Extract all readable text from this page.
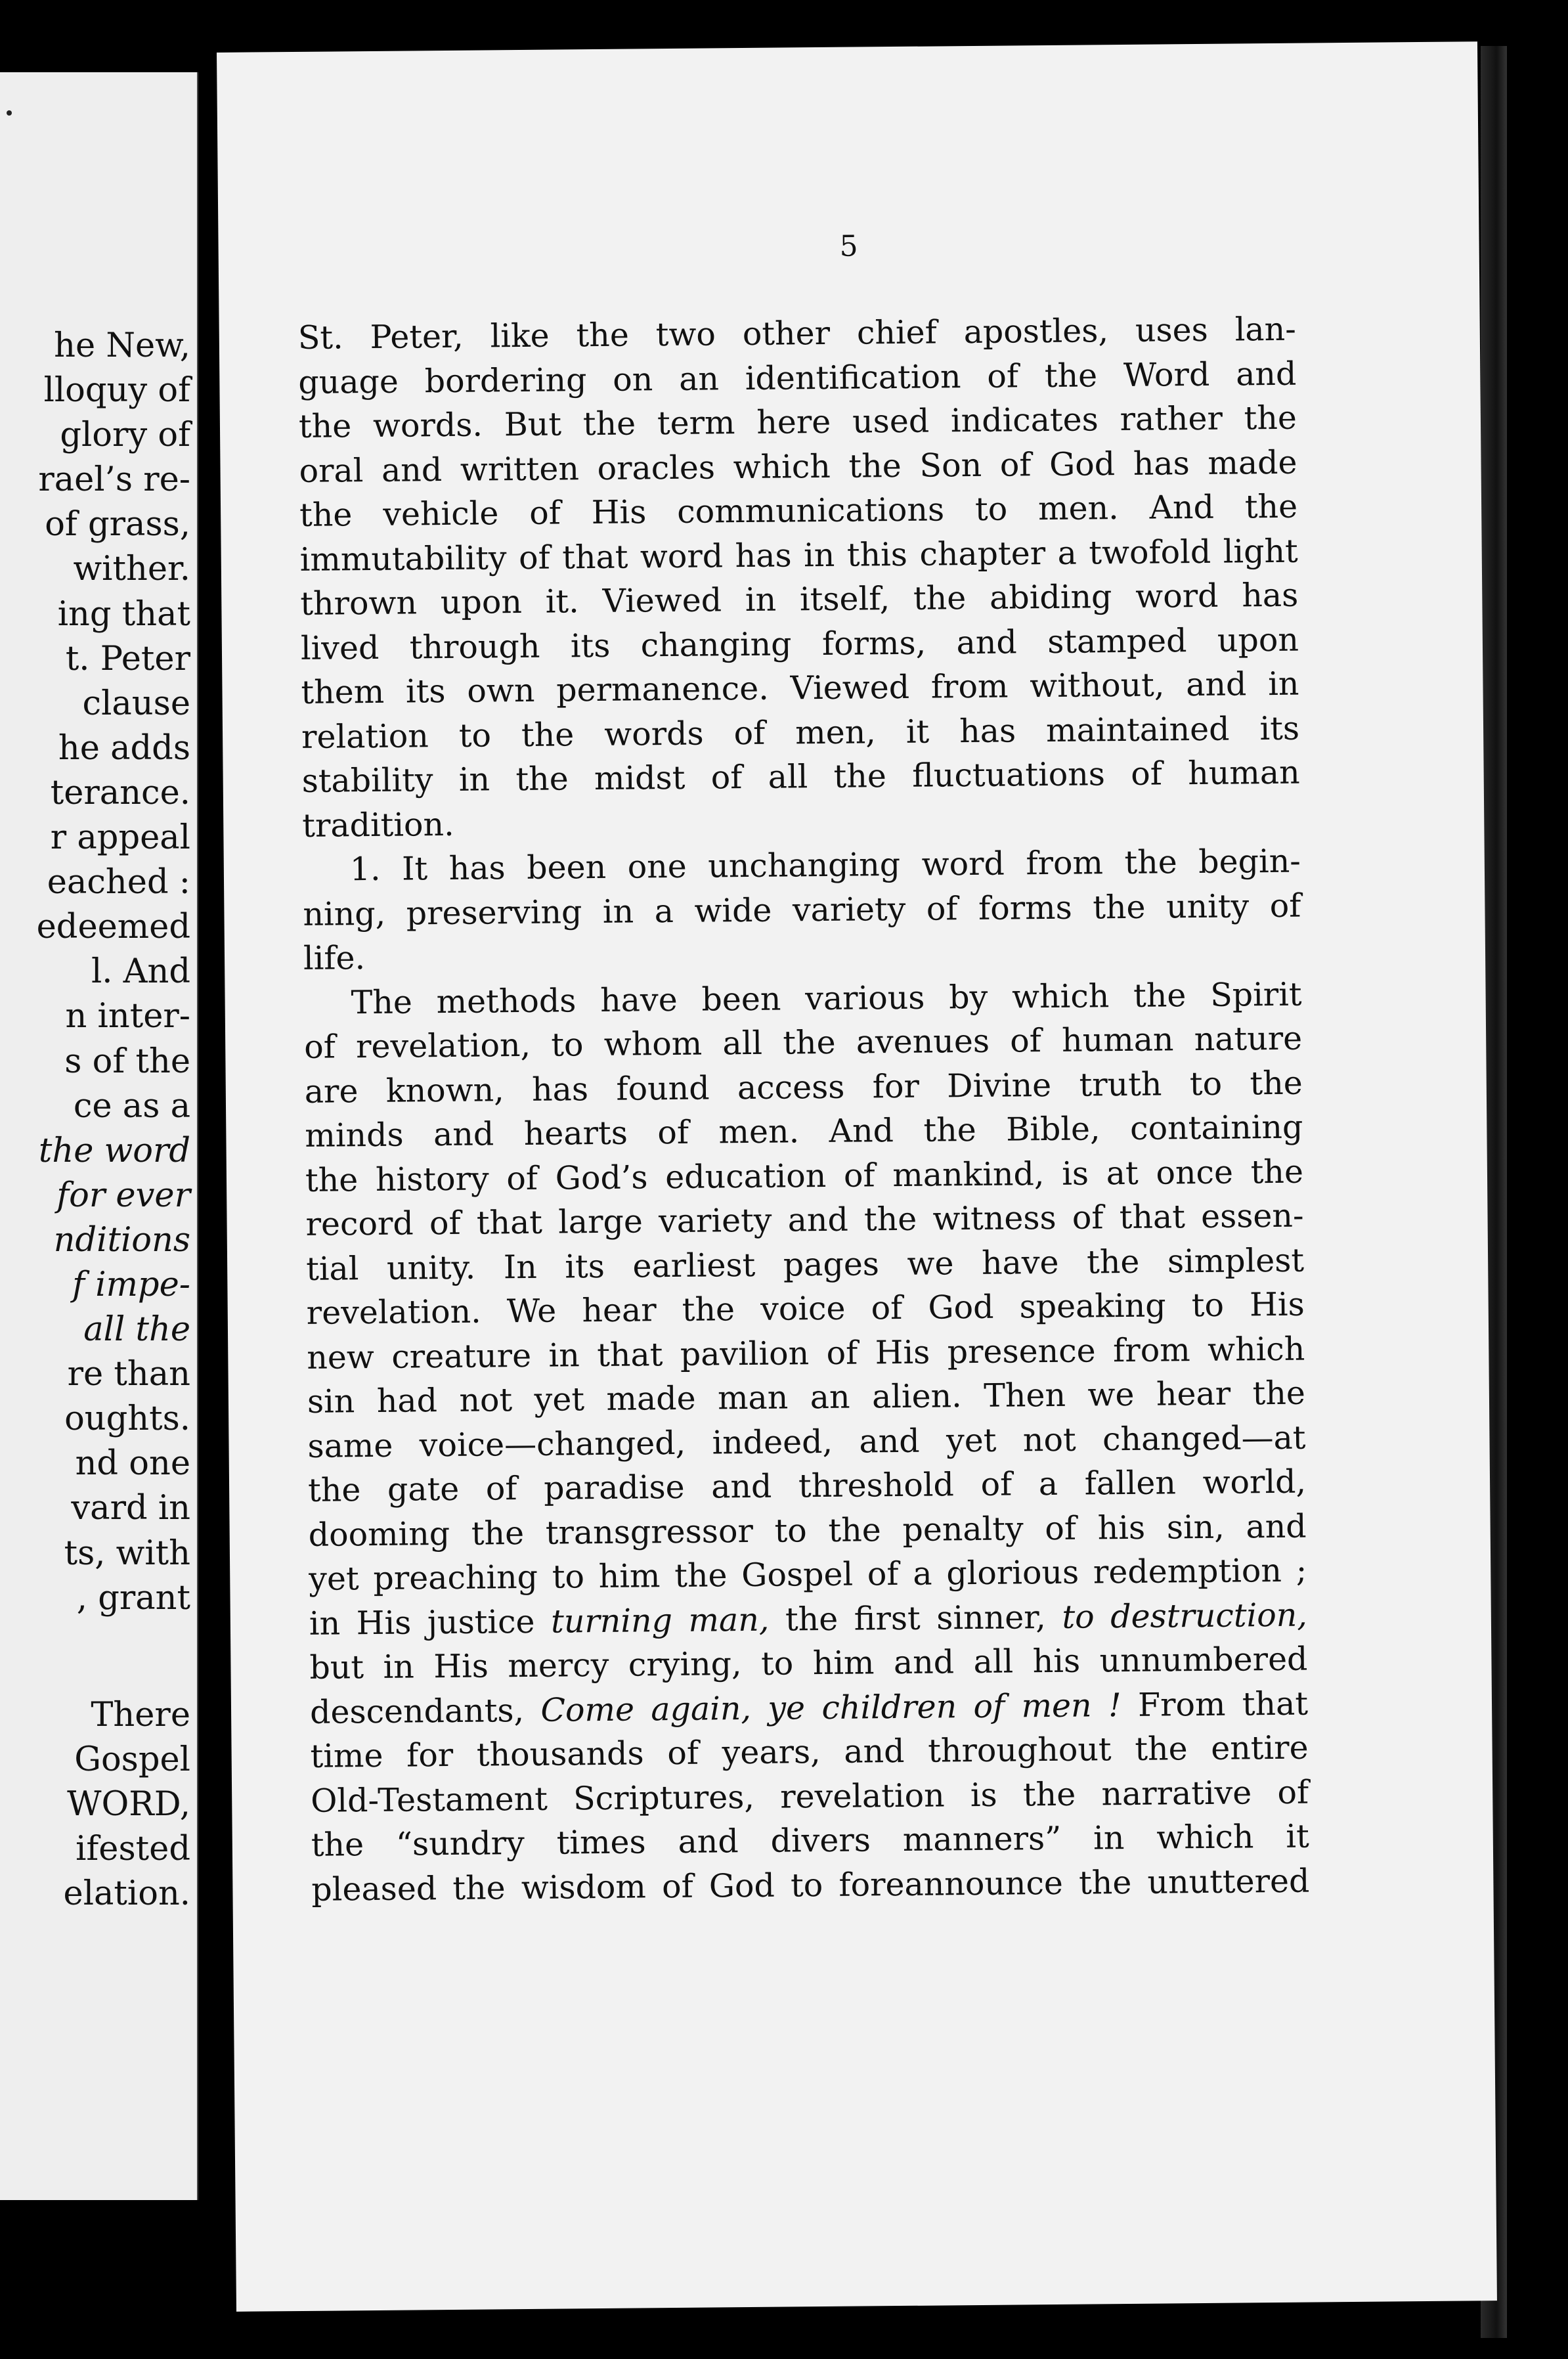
he New,
lloquy of
glory of
rael’s re-
of grass,
wither.
ing that
t. Peter
clause
he adds
terance.
r appeal
eached :
edeemed
l. And
n inter-
s of the
ce as a
the word
for ever
nditions
f impe-
all the
re than
oughts.
nd one
vard in
ts, with
, grant
There
Gospel
WORD,
ifested
elation.
5

St. Peter, like the two other chief apostles, uses lan-

guage bordering on an identification of the Word and

the words. But the term here used indicates rather the

oral and written oracles which the Son of God has made

the vehicle of His communications to men. And the

immutability of that word has in this chapter a twofold light

thrown upon it. Viewed in itself, the abiding word has

lived through its changing forms, and stamped upon

them its own permanence. Viewed from without, and in

relation to the words of men, it has maintained its

stability in the midst of all the fluctuations of human

tradition.

1. It has been one unchanging word from the begin-

ning, preserving in a wide variety of forms the unity of

life.

The methods have been various by which the Spirit

of revelation, to whom all the avenues of human nature

are known, has found access for Divine truth to the

minds and hearts of men. And the Bible, containing

the history of God’s education of mankind, is at once the

record of that large variety and the witness of that essen-

tial unity. In its earliest pages we have the simplest

revelation. We hear the voice of God speaking to His

new creature in that pavilion of His presence from which

sin had not yet made man an alien. Then we hear the

same voice—changed, indeed, and yet not changed—at

the gate of paradise and threshold of a fallen world,

dooming the transgressor to the penalty of his sin, and

yet preaching to him the Gospel of a glorious redemption ;

in His justice turning man, the first sinner, to destruction,

but in His mercy crying, to him and all his unnumbered

descendants, Come again, ye children of men ! From that

time for thousands of years, and throughout the entire

Old-Testament Scriptures, revelation is the narrative of

the “sundry times and divers manners” in which it

pleased the wisdom of God to foreannounce the unuttered
